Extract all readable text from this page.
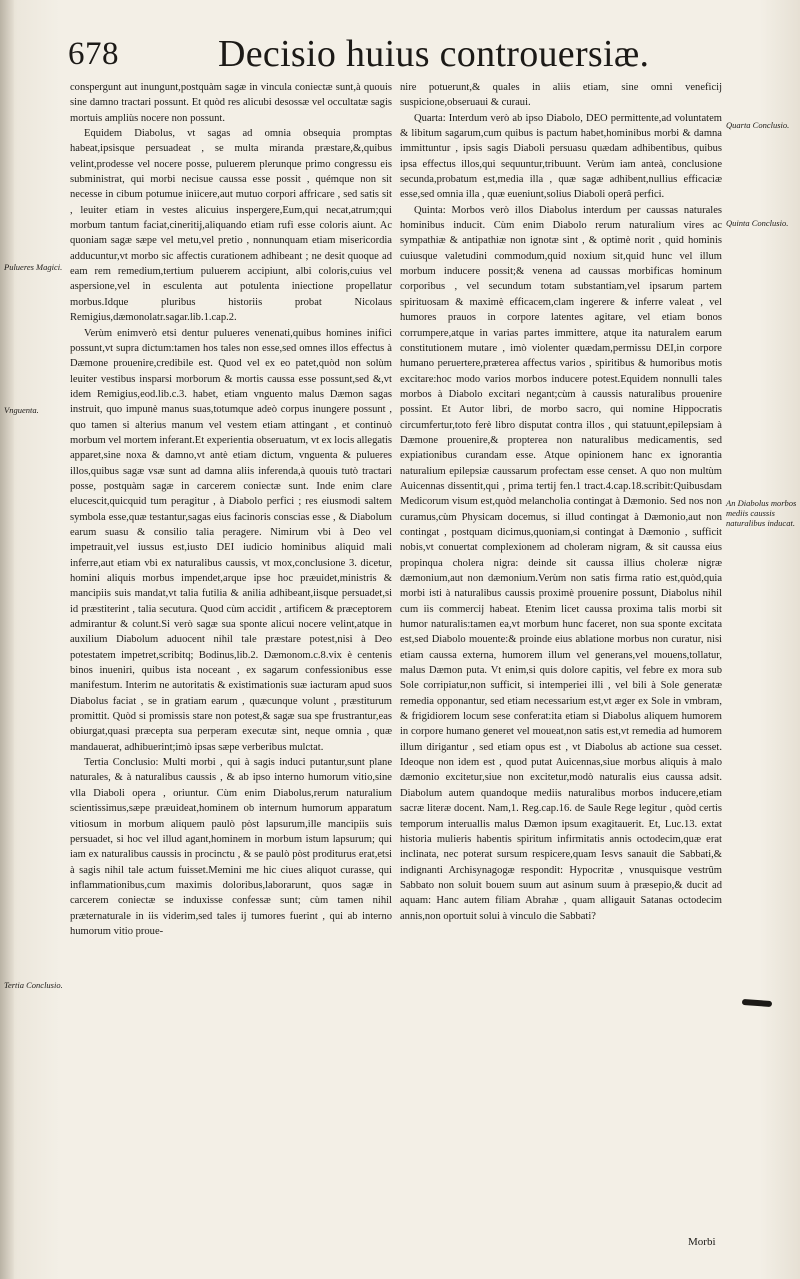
678	Decisio huius controuersiæ.

conspergunt aut inungunt,postquàm sagæ in vincula coniectæ sunt,à quouis sine damno tractari possunt. Et quòd res alicubi desossæ vel occultatæ sagis mortuis ampliùs nocere non possunt.

Equidem Diabolus, vt sagas ad omnia obsequia promptas habeat,ipsisque persuadeat , se multa miranda præstare,&,quibus velint,prodesse vel nocere posse, puluerem plerunque primo congressu eis subministrat, qui morbi necisue caussa esse possit , quémque non sit necesse in cibum potumue inìicere,aut mutuo corpori affricare , sed satis sit , leuiter etiam in vestes alicuius inspergere,Eum,qui necat,atrum;qui morbum tantum faciat,cineritij,aliquando etiam rufi esse coloris aiunt. Ac quoniam sagæ sæpe vel metu,vel pretio , nonnunquam etiam misericordia adducuntur,vt morbo sic affectis curationem adhibeant ; ne desit quoque ad eam rem remedium,tertium puluerem accipiunt, albi coloris,cuius vel aspersione,vel in esculenta aut potulenta iniectione propellatur morbus.Idque pluribus historiis probat Nicolaus Remigius,dæmonolatr.sagar.lib.1.cap.2.

Verùm enimverò etsi dentur pulueres venenati,quibus homines inifici possunt,vt supra dictum:tamen hos tales non esse,sed omnes illos effectus à Dæmone prouenire,credibile est. Quod vel ex eo patet,quòd non solùm leuiter vestibus insparsi morborum & mortis caussa esse possunt,sed &,vt idem Remigius,eod.lib.c.3. habet, etiam vnguento malus Dæmon sagas instruit, quo impunè manus suas,totumque adeò corpus inungere possunt , quo tamen si alterius manum vel vestem etiam attingant , et continuò morbum vel mortem inferant.Et experientia obseruatum, vt ex locis allegatis apparet,sine noxa & damno,vt antè etiam dictum, vnguenta & pulueres illos,quibus sagæ vsæ sunt ad damna aliis inferenda,à quouis tutò tractari posse, postquàm sagæ in carcerem coniectæ sunt. Inde enim clare elucescit,quicquid tum peragitur , à Diabolo perfici ; res eiusmodi saltem symbola esse,quæ testantur,sagas eius facinoris conscias esse , & Diabolum earum suasu & consilio talia peragere. Nimirum vbi à Deo vel impetrauit,vel iussus est,iusto DEI iudicio hominibus aliquid mali inferre,aut etiam vbi ex naturalibus caussis, vt mox,conclusione 3. dicetur, homini aliquis morbus impendet,arque ipse hoc præuidet,ministris & mancipiis suis mandat,vt talia futilia & anilia adhibeant,iisque persuadet,si id præstiterint , talia secutura. Quod cùm accidit , artificem & præceptorem admirantur & colunt.Si verò sagæ sua sponte alicui nocere velint,atque in auxilium Diabolum aduocent nihil tale præstare potest,nisi à Deo potestatem impetret,scribitq; Bodinus,lib.2. Dæmonom.c.8.vix è centenis binos inueniri, quibus ista noceant , ex sagarum confessionibus esse manifestum. Interim ne autoritatis & existimationis suæ iacturam apud suos Diabolus faciat , se in gratiam earum , quæcunque volunt , præstiturum promittit. Quòd si promissis stare non potest,& sagæ sua spe frustrantur,eas obiurgat,quasi præcepta sua perperam executæ sint, neque omnia , quæ mandauerat, adhibuerint;imò ipsas sæpe verberibus mulctat.

Tertia Conclusio: Multi morbi , qui à sagis induci putantur,sunt plane naturales, & à naturalibus caussis , & ab ipso interno humorum vitio,sine vlla Diaboli opera , oriuntur. Cùm enim Diabolus,rerum naturalium scientissimus,sæpe præuideat,hominem ob internum humorum apparatum vitiosum in morbum aliquem paulò pòst lapsurum,ille mancipiis suis persuadet, si hoc vel illud agant,hominem in morbum istum lapsurum; qui iam ex naturalibus caussis in procinctu , & se paulò pòst proditurus erat,etsi à sagis nihil tale actum fuisset.Memini me hic ciues aliquot curasse, qui inflammationibus,cum maximis doloribus,laborarunt, quos sagæ in carcerem coniectæ se induxisse confessæ sunt; cùm tamen nihil præternaturale in iis viderim,sed tales ij tumores fuerint , qui ab interno humorum vitio proue-

nire potuerunt,& quales in aliis etiam, sine omni veneficij suspicione,obseruaui & curaui.

Quarta: Interdum verò ab ipso Diabolo, DEO permittente,ad voluntatem & libitum sagarum,cum quibus is pactum habet,hominibus morbi & damna immittuntur , ipsis sagis Diaboli persuasu quædam adhibentibus, quibus ipsa effectus illos,qui sequuntur,tribuunt. Verùm iam anteà, conclusione secunda,probatum est,media illa , quæ sagæ adhibent,nullius efficaciæ esse,sed omnia illa , quæ eueniunt,solius Diaboli operâ perfici.

Quinta: Morbos verò illos Diabolus interdum per caussas naturales hominibus inducit. Cùm enim Diabolo rerum naturalium vires ac sympathiæ & antipathiæ non ignotæ sint , & optimè norit , quid hominis cuiusque valetudini commodum,quid noxium sit,quid hunc vel illum morbum inducere possit;& venena ad caussas morbificas hominum corporibus , vel secundum totam substantiam,vel ipsarum partem spirituosam & maximè efficacem,clam ingerere & inferre valeat , vel humores prauos in corpore latentes agitare, vel etiam bonos corrumpere,atque in varias partes immittere, atque ita naturalem earum constitutionem mutare , imò violenter quædam,permissu DEI,in corpore humano peruertere,præterea affectus varios , spiritibus & humoribus motis excitare:hoc modo varios morbos inducere potest.Equidem nonnulli tales morbos à Diabolo excitari negant;cùm à caussis naturalibus prouenire possint. Et Autor libri, de morbo sacro, qui nomine Hippocratis circumfertur,toto ferè libro disputat contra illos , qui statuunt,epilepsiam à Dæmone prouenire,& propterea non naturalibus medicamentis, sed expiationibus curandam esse. Atque opinionem hanc ex ignorantia naturalium epilepsiæ caussarum profectam esse censet. A quo non multùm Auicennas dissentit,qui , prima tertij fen.1 tract.4.cap.18.scribit:Quibusdam Medicorum visum est,quòd melancholia contingat à Dæmonio. Sed nos non curamus,cùm Physicam docemus, si illud contingat à Dæmonio,aut non contingat , postquam dicimus,quoniam,si contingat à Dæmonio , sufficit nobis,vt conuertat complexionem ad choleram nigram, & sit caussa eius propinqua cholera nigra: deinde sit caussa illius choleræ nigræ dæmonium,aut non dæmonium.Verùm non satis firma ratio est,quòd,quia morbi isti à naturalibus caussis proximè prouenire possunt, Diabolus nihil cum iis commercij habeat. Etenim licet caussa proxima talis morbi sit humor naturalis:tamen ea,vt morbum hunc faceret, non sua sponte excitata est,sed Diabolo mouente:& proinde eius ablatione morbus non curatur, nisi etiam caussa externa, humorem illum vel generans,vel mouens,tollatur, malus Dæmon puta. Vt enim,si quis dolore capitis, vel febre ex mora sub Sole corripiatur,non sufficit, si intemperiei illi , vel bili à Sole generatæ remedia opponantur, sed etiam necessarium est,vt æger ex Sole in vmbram, & frigidiorem locum sese conferat:ita etiam si Diabolus aliquem humorem in corpore humano generet vel moueat,non satis est,vt remedia ad humorem illum dirigantur , sed etiam opus est , vt Diabolus ab actione sua cesset. Ideoque non idem est , quod putat Auicennas,siue morbus aliquis à malo dæmonio excitetur,siue non excitetur,modò naturalis eius caussa adsit. Diabolum autem quandoque mediis naturalibus morbos inducere,etiam sacræ literæ docent. Nam,1. Reg.cap.16. de Saule Rege legitur , quòd certis temporum interuallis malus Dæmon ipsum exagitauerit. Et, Luc.13. extat historia mulieris habentis spiritum infirmitatis annis octodecim,quæ erat inclinata, nec poterat sursum respicere,quam Iesvs sanauit die Sabbati,& indignanti Archisynagogæ respondit: Hypocritæ , vnusquisque vestrûm Sabbato non soluit bouem suum aut asinum suum à præsepio,& ducit ad aquam: Hanc autem filiam Abrahæ , quam alligauit Satanas octodecim annis,non oportuit solui à vinculo die Sabbati?

Pulueres Magici.
Vnguenta.
Tertia Conclusio.
Quarta Conclusio.
Quinta Conclusio.
An Diabolus morbos mediis caussis naturalibus inducat.
Morbi
